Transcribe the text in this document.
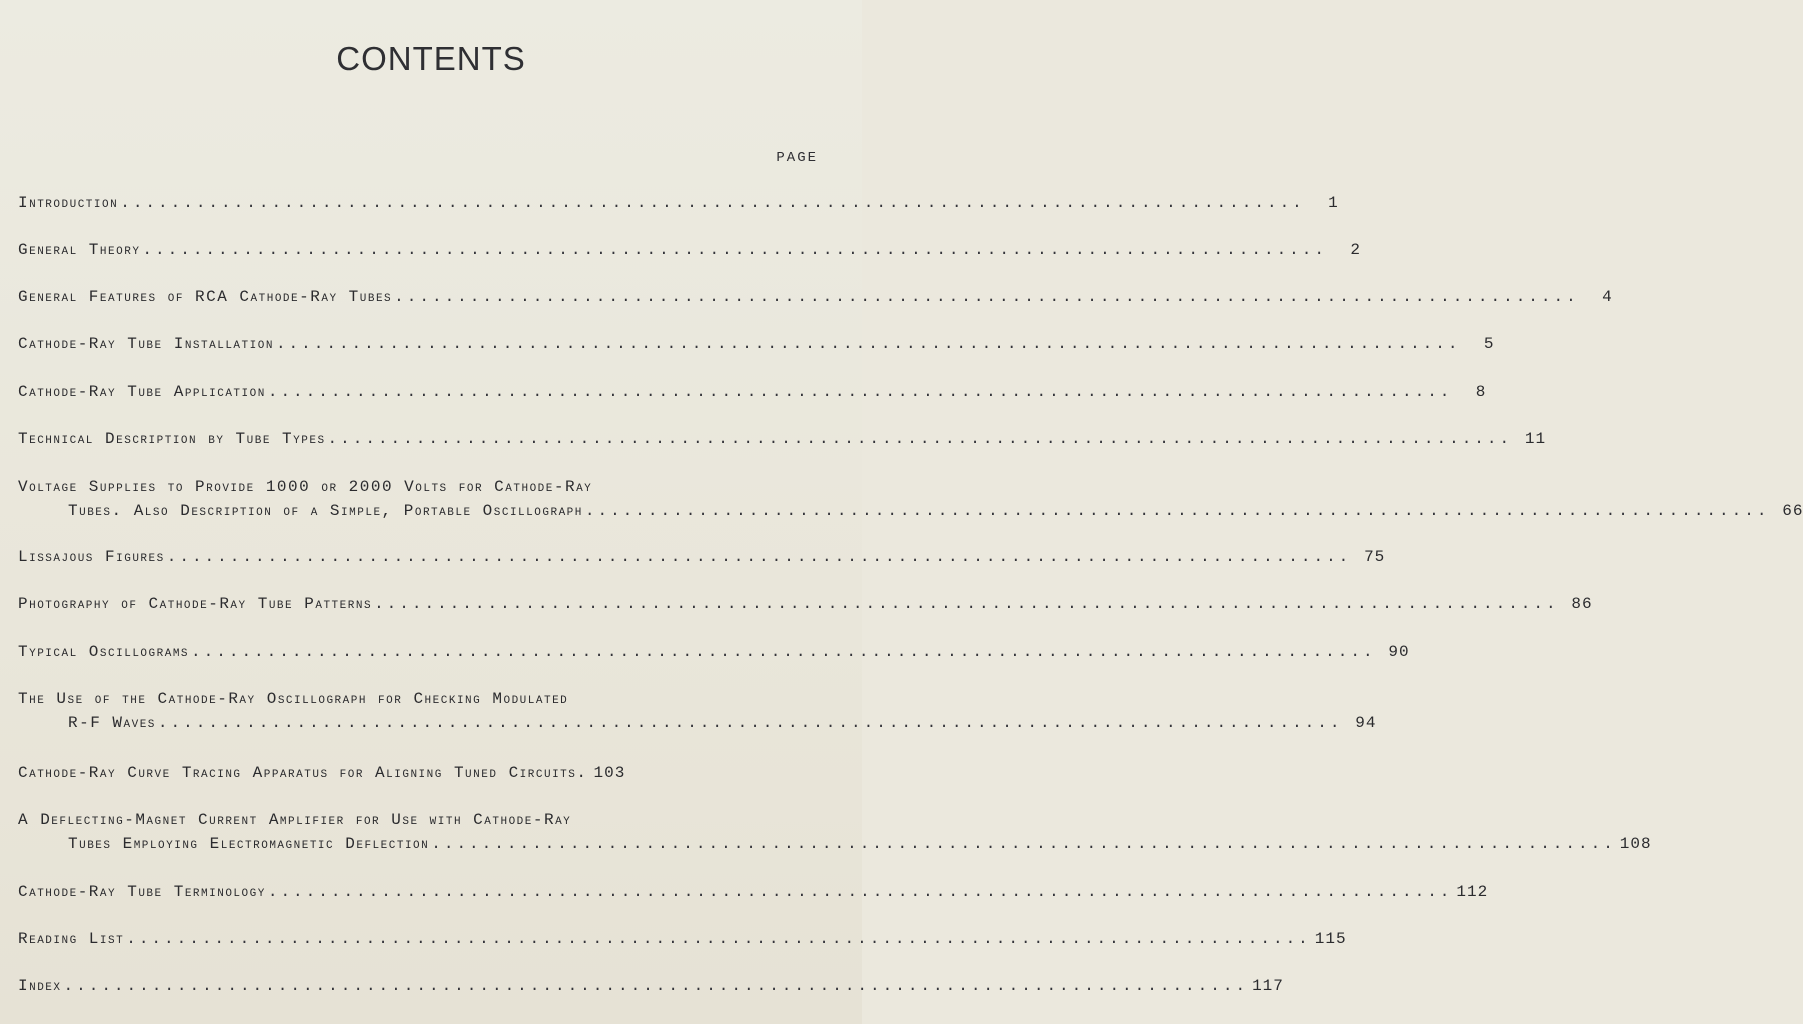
CONTENTS
PAGE
Introduction ..............................................................................................	1
General Theory ..............................................................................................	2
General Features of RCA Cathode-Ray Tubes ..............................................................................................	4
Cathode-Ray Tube Installation ..............................................................................................	5
Cathode-Ray Tube Application ..............................................................................................	8
Technical Description by Tube Types .............................................................................................. 11
Voltage Supplies to Provide 1000 or 2000 Volts for Cathode-Ray
Tubes. Also Description of a Simple, Portable Oscillograph .............................................................................................. 66
Lissajous Figures .............................................................................................. 75
Photography of Cathode-Ray Tube Patterns .............................................................................................. 86
Typical Oscillograms .............................................................................................. 90
The Use of the Cathode-Ray Oscillograph for Checking Modulated
R-F Waves .............................................................................................. 94
Cathode-Ray Curve Tracing Apparatus for Aligning Tuned Circuits. 103
A Deflecting-Magnet Current Amplifier for Use with Cathode-Ray
Tubes Employing Electromagnetic Deflection .............................................................................................. 108
Cathode-Ray Tube Terminology .............................................................................................. 112
Reading List .............................................................................................. 115
Index .............................................................................................. 117
